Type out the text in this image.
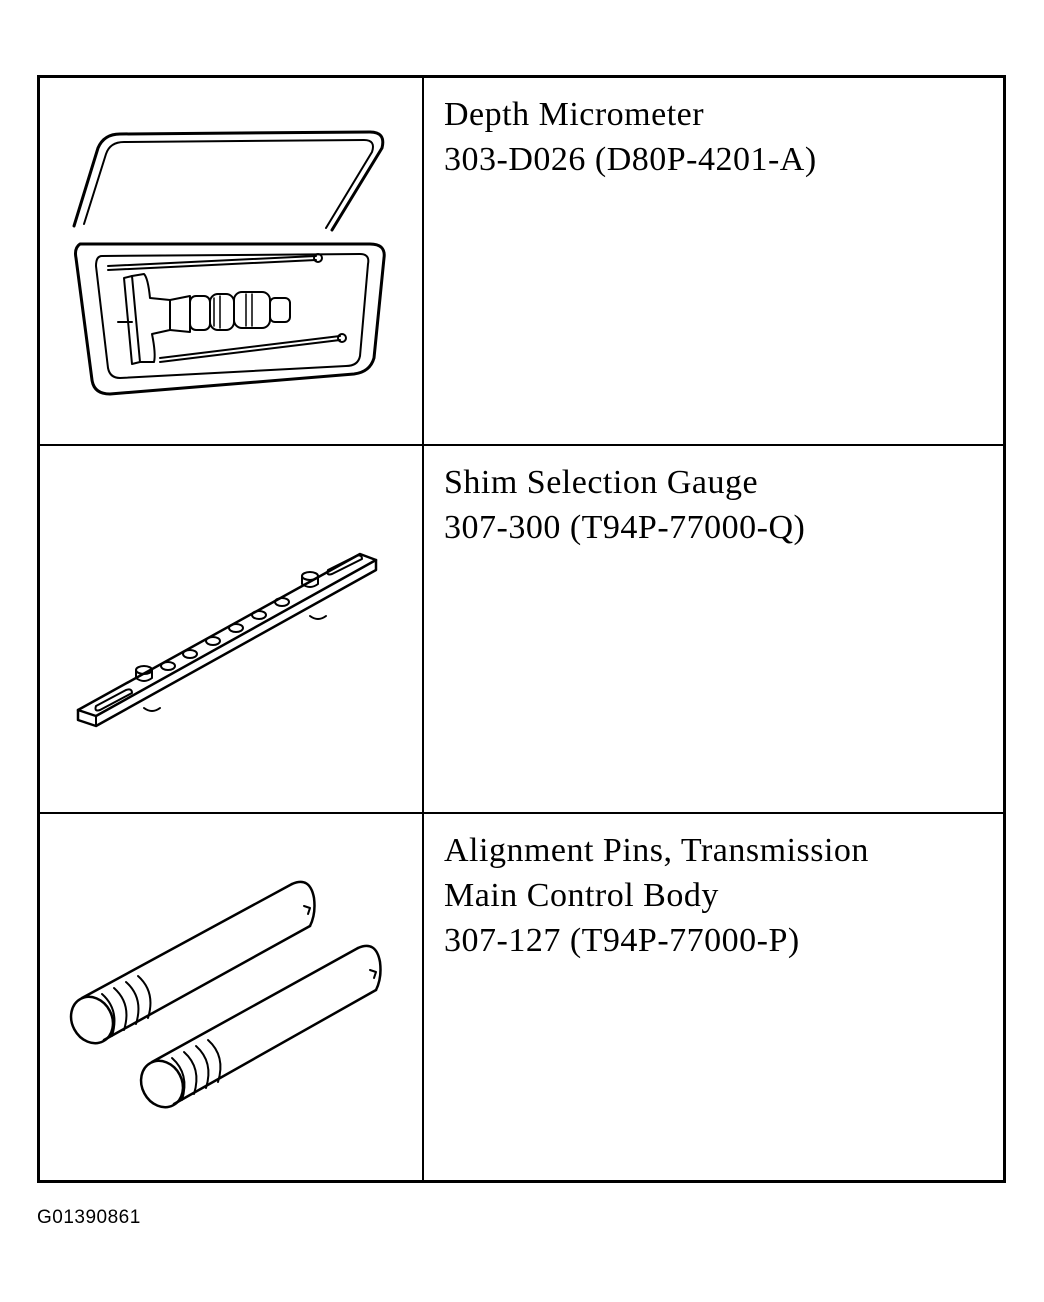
Depth Micrometer
303-D026 (D80P-4201-A)
Shim Selection Gauge
307-300 (T94P-77000-Q)
Alignment Pins, Transmission
Main Control Body
307-127 (T94P-77000-P)
G01390861
